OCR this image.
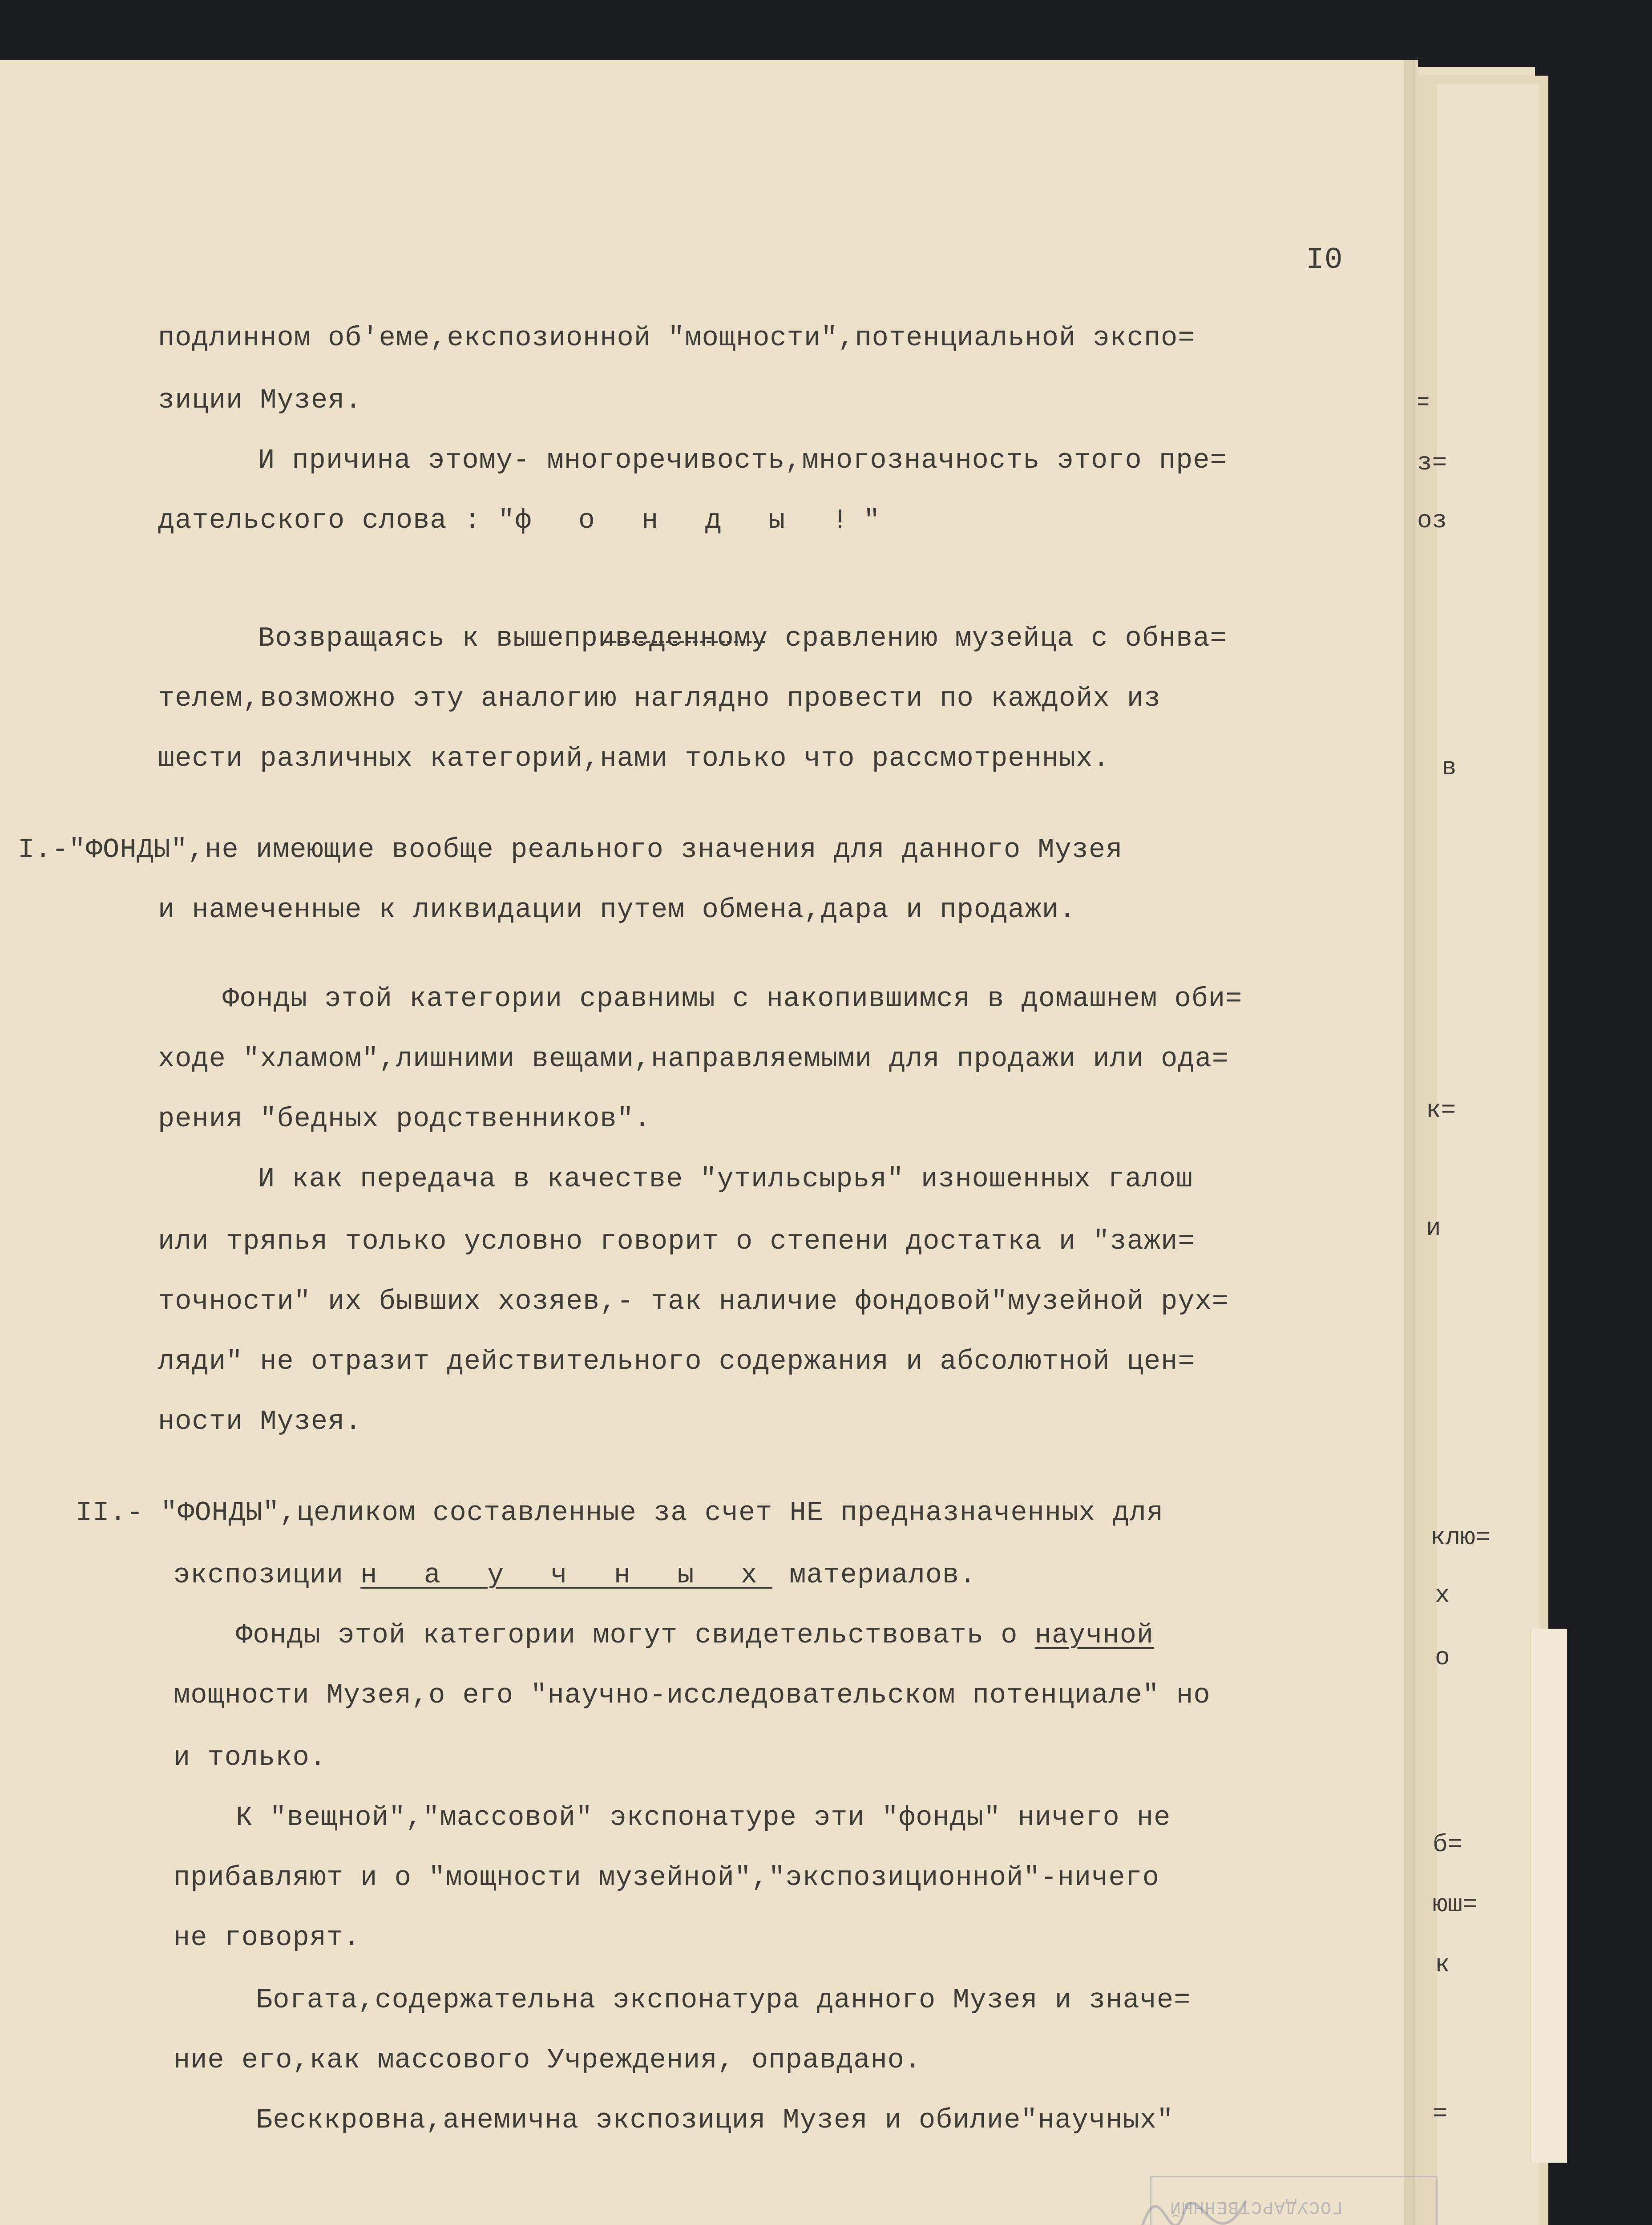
=

з=

оз

в

к=

и

клю=

х

о

б=

юш=

к

=

I0

подлинном об'еме,експозионной "мощности",потенциальной экспо=

зиции Музея.

И причина этому- многоречивость,многозначность этого пре=

дательского слова : "ф о н д ы !"

Возвращаясь к вышеприведенному сравлению музейца с обнва=

телем,возможно эту аналогию наглядно провести по каждойх из

шести различных категорий,нами только что рассмотренных.

I.-"ФОНДЫ",не имеющие вообще реального значения для данного Музея

и намеченные к ликвидации путем обмена,дара и продажи.

Фонды этой категории сравнимы с накопившимся в домашнем оби=

ходе "хламом",лишними вещами,направляемыми для продажи или ода=

рения "бедных родственников".

И как передача в качестве "утильсырья" изношенных галош

или тряпья только условно говорит о степени достатка и "зажи=

точности" их бывших хозяев,- так наличие фондовой"музейной рух=

ляди" не отразит действительного содержания и абсолютной цен=

ности Музея.

II.- "ФОНДЫ",целиком составленные за счет НЕ предназначенных для

экспозиции н а у ч н ы х материалов.

Фонды этой категории могут свидетельствовать о научной

мощности Музея,о его "научно-исследовательском потенциале" но

и только.

К "вещной","массовой" экспонатуре эти "фонды" ничего не

прибавляют и о "мощности музейной","экспозиционной"-ничего

не говорят.

Богата,содержательна экспонатура данного Музея и значе=

ние его,как массового Учреждения, оправдано.

Бесккровна,анемична экспозиция Музея и обилие"научных"

ГОСУДАРСТВЕННЫЙ
